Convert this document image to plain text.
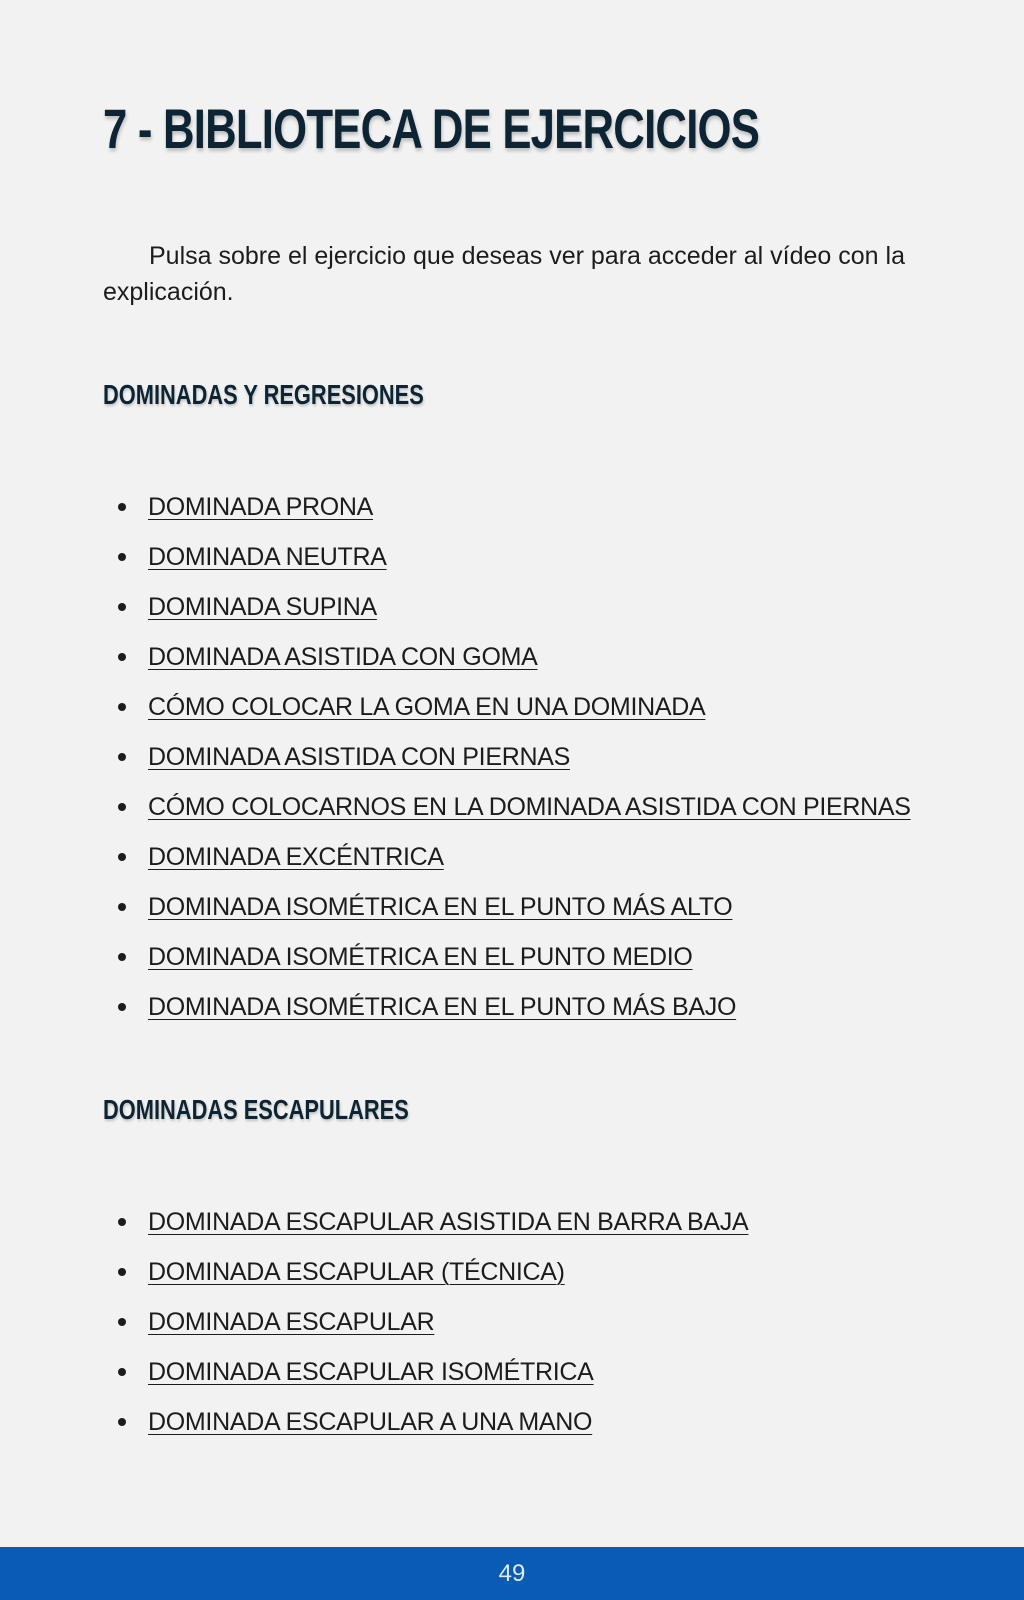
7 - BIBLIOTECA DE EJERCICIOS

Pulsa sobre el ejercicio que deseas ver para acceder al vídeo con la explicación.

DOMINADAS Y REGRESIONES
DOMINADA PRONA
DOMINADA NEUTRA
DOMINADA SUPINA
DOMINADA ASISTIDA CON GOMA
CÓMO COLOCAR LA GOMA EN UNA DOMINADA
DOMINADA ASISTIDA CON PIERNAS
CÓMO COLOCARNOS EN LA DOMINADA ASISTIDA CON PIERNAS
DOMINADA EXCÉNTRICA
DOMINADA ISOMÉTRICA EN EL PUNTO MÁS ALTO
DOMINADA ISOMÉTRICA EN EL PUNTO MEDIO
DOMINADA ISOMÉTRICA EN EL PUNTO MÁS BAJO
DOMINADAS ESCAPULARES
DOMINADA ESCAPULAR ASISTIDA EN BARRA BAJA
DOMINADA ESCAPULAR (TÉCNICA)
DOMINADA ESCAPULAR
DOMINADA ESCAPULAR ISOMÉTRICA
DOMINADA ESCAPULAR A UNA MANO
49
